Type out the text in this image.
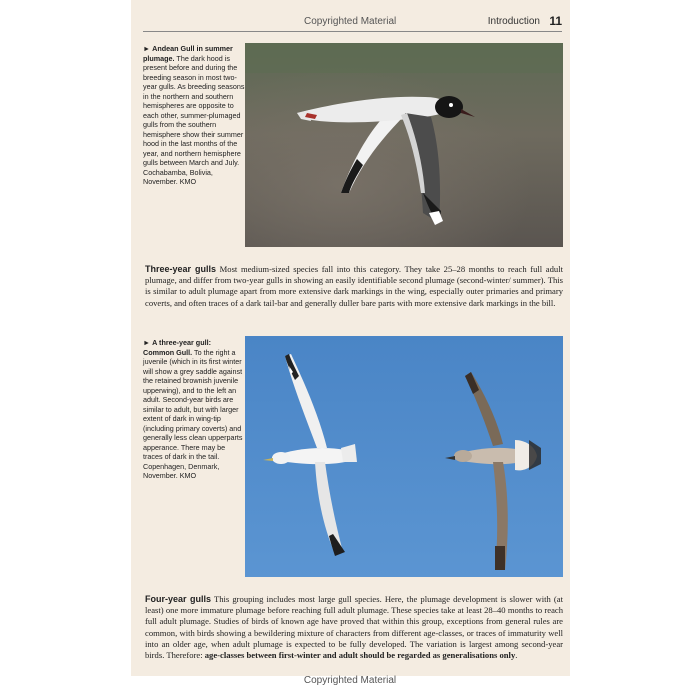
Copyrighted Material	Introduction 11
► Andean Gull in summer plumage. The dark hood is present before and during the breeding season in most two-year gulls. As breeding seasons in the northern and southern hemispheres are opposite to each other, summer-plumaged gulls from the southern hemisphere show their summer hood in the last months of the year, and northern hemisphere gulls between March and July. Cochabamba, Bolivia, November. KMO
Three-year gulls Most medium-sized species fall into this category. They take 25–28 months to reach full adult plumage, and differ from two-year gulls in showing an easily identifiable second plumage (second-winter/ summer). This is similar to adult plumage apart from more extensive dark markings in the wing, especially outer primaries and primary coverts, and often traces of a dark tail-bar and generally duller bare parts with more extensive dark markings in the bill.
► A three-year gull: Common Gull. To the right a juvenile (which in its first winter will show a grey saddle against the retained brownish juvenile upperwing), and to the left an adult. Second-year birds are similar to adult, but with larger extent of dark in wing-tip (including primary coverts) and generally less clean upperparts apperance. There may be traces of dark in the tail. Copenhagen, Denmark, November. KMO
Four-year gulls This grouping includes most large gull species. Here, the plumage development is slower with (at least) one more immature plumage before reaching full adult plumage. These species take at least 28–40 months to reach full adult plumage. Studies of birds of known age have proved that within this group, exceptions from general rules are common, with birds showing a bewildering mixture of characters from different age-classes, or traces of immaturity well into an older age, when adult plumage is expected to be fully developed. The variation is largest among second-year birds. Therefore: age-classes between first-winter and adult should be regarded as generalisations only.
Copyrighted Material
